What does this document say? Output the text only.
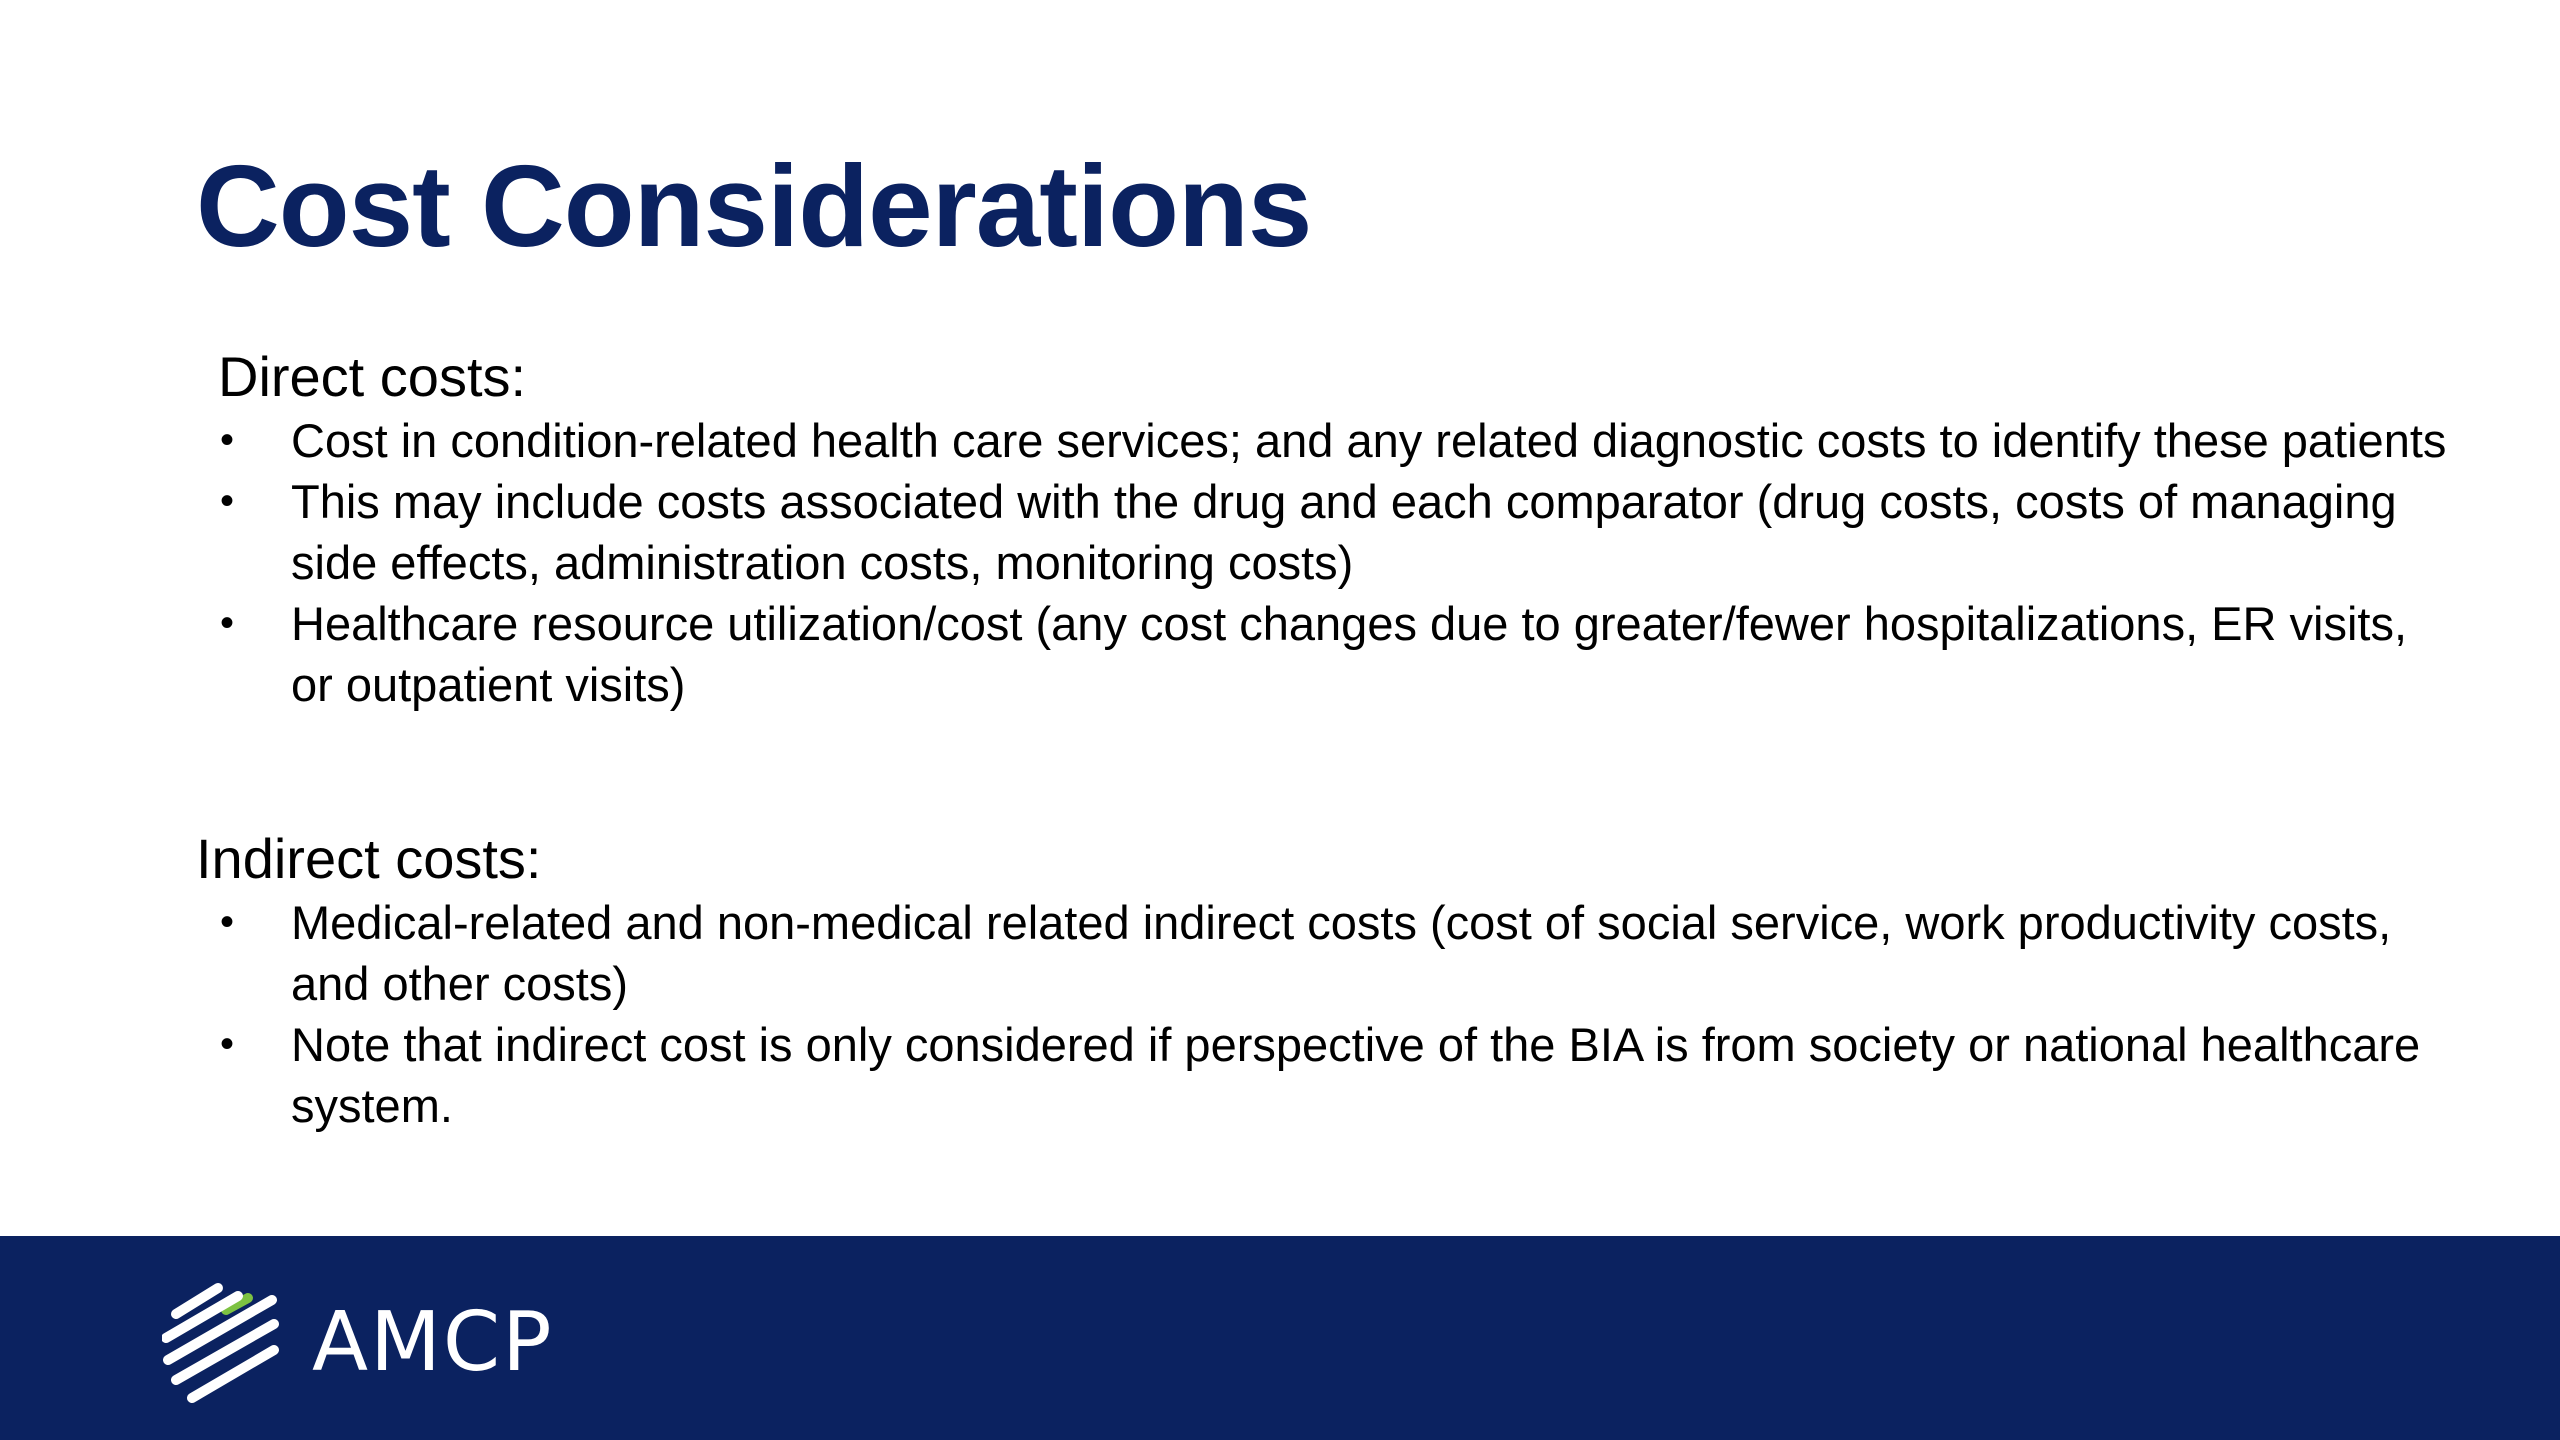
Cost Considerations
Direct costs:
• Cost in condition-related health care services; and any related diagnostic costs to identify these patients
• This may include costs associated with the drug and each comparator (drug costs, costs of managing side effects, administration costs, monitoring costs)
• Healthcare resource utilization/cost (any cost changes due to greater/fewer hospitalizations, ER visits, or outpatient visits)
Indirect costs:
• Medical-related and non-medical related indirect costs (cost of social service, work productivity costs, and other costs)
• Note that indirect cost is only considered if perspective of the BIA is from society or national healthcare system.
AMCP
